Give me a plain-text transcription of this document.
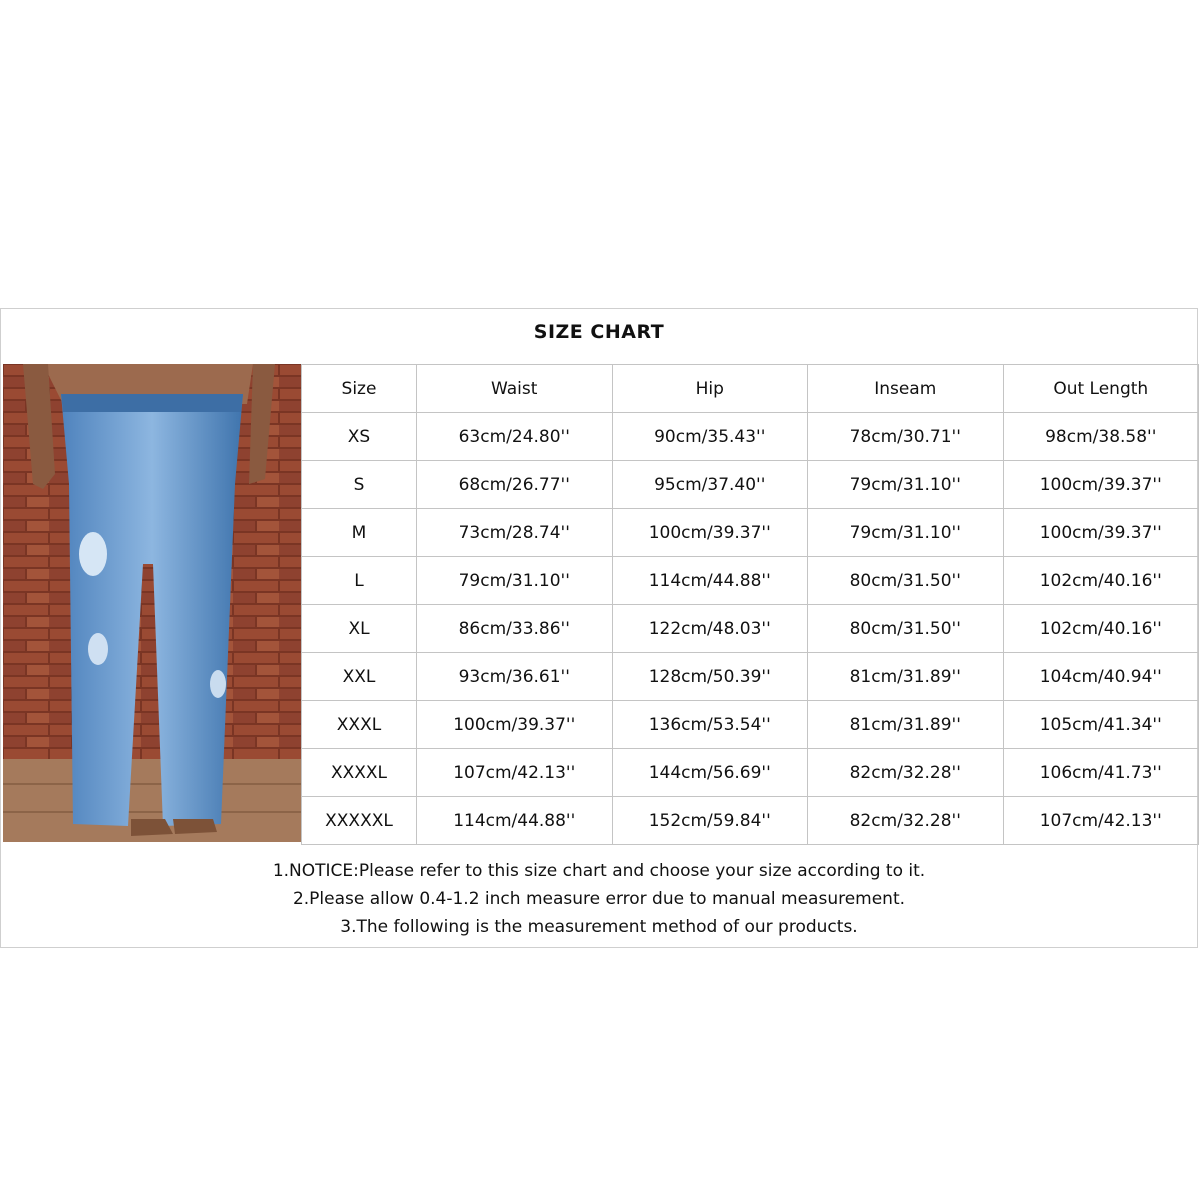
SIZE CHART
Size	Waist	Hip	Inseam	Out Length
XS	63cm/24.80''	90cm/35.43''	78cm/30.71''	98cm/38.58''
S	68cm/26.77''	95cm/37.40''	79cm/31.10''	100cm/39.37''
M	73cm/28.74''	100cm/39.37''	79cm/31.10''	100cm/39.37''
L	79cm/31.10''	114cm/44.88''	80cm/31.50''	102cm/40.16''
XL	86cm/33.86''	122cm/48.03''	80cm/31.50''	102cm/40.16''
XXL	93cm/36.61''	128cm/50.39''	81cm/31.89''	104cm/40.94''
XXXL	100cm/39.37''	136cm/53.54''	81cm/31.89''	105cm/41.34''
XXXXL	107cm/42.13''	144cm/56.69''	82cm/32.28''	106cm/41.73''
XXXXXL	114cm/44.88''	152cm/59.84''	82cm/32.28''	107cm/42.13''
1.NOTICE:Please refer to this size chart and choose your size according to it.
2.Please allow 0.4-1.2 inch measure error due to manual measurement.
3.The following is the measurement method of our products.
